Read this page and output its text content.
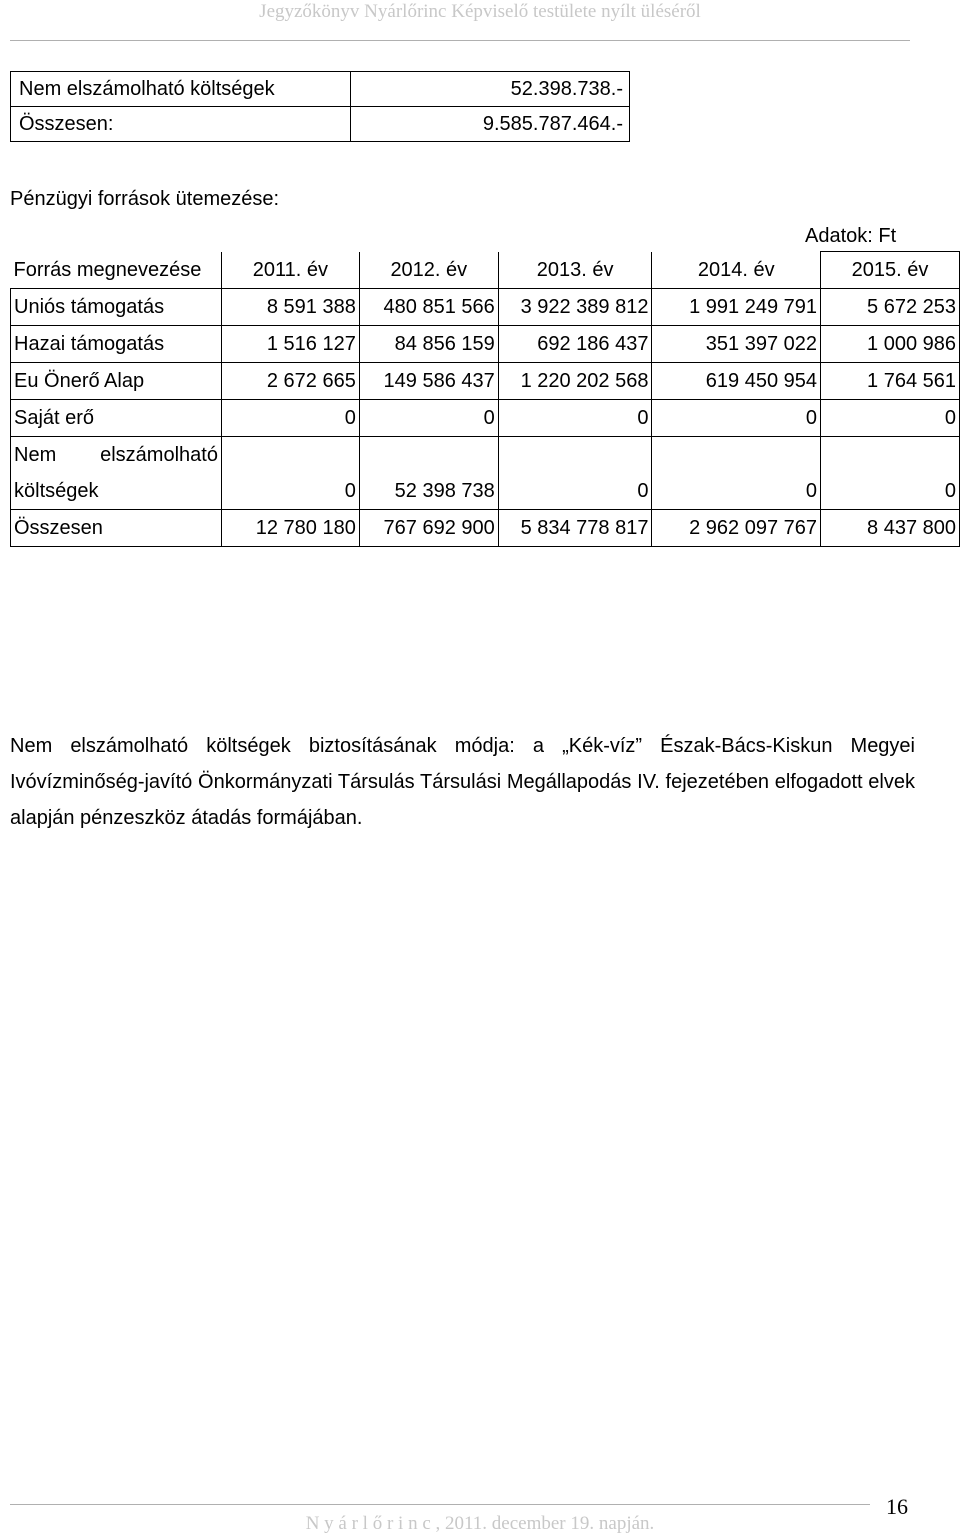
Jegyzőkönyv Nyárlőrinc Képviselő testülete nyílt üléséről
Nem elszámolható költségek	52.398.738.-
Összesen:	9.585.787.464.-
Pénzügyi források ütemezése:
Adatok: Ft
Forrás megnevezése	2011. év	2012. év	2013. év	2014. év	2015. év
Uniós támogatás	8 591 388	480 851 566	3 922 389 812	1 991 249 791	5 672 253
Hazai támogatás	1 516 127	84 856 159	692 186 437	351 397 022	1 000 986
Eu Önerő Alap	2 672 665	149 586 437	1 220 202 568	619 450 954	1 764 561
Saját erő	0	0	0	0	0
Nem elszámolható költségek	0	52 398 738	0	0	0
Összesen	12 780 180	767 692 900	5 834 778 817	2 962 097 767	8 437 800
Nem elszámolható költségek biztosításának módja: a „Kék-víz” Észak-Bács-Kiskun Megyei Ivóvízminőség-javító Önkormányzati Társulás Társulási Megállapodás IV. fejezetében elfogadott elvek alapján pénzeszköz átadás formájában.
N y á r l ő r i n c , 2011. december 19. napján.
16
